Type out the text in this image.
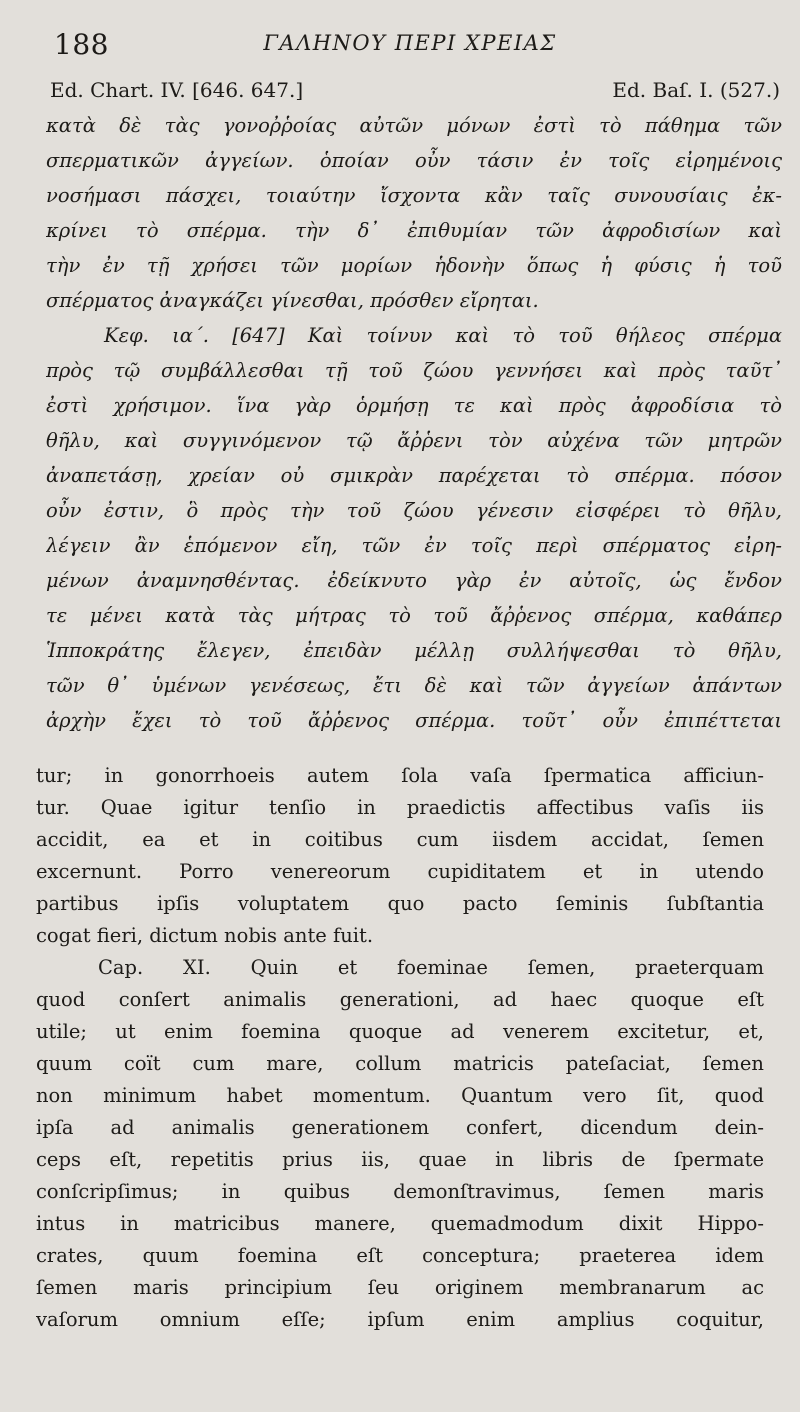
188	ΓΑΛΗΝΟΥ ΠΕΡΙ ΧΡΕΙΑΣ
Ed. Chart. IV. [646. 647.]	Ed. Baſ. I. (527.)
κατὰ δὲ τὰς γονοῤῥοίας αὐτῶν μόνων ἐστὶ τὸ πάθημα τῶν
σπερματικῶν ἀγγείων. ὁποίαν οὖν τάσιν ἐν τοῖς εἰρημένοις
νοσήμασι πάσχει, τοιαύτην ἴσχοντα κἂν ταῖς συνουσίαις ἐκ-
κρίνει τὸ σπέρμα. τὴν δ᾽ ἐπιθυμίαν τῶν ἀφροδισίων καὶ
τὴν ἐν τῇ χρήσει τῶν μορίων ἡδονὴν ὅπως ἡ φύσις ἡ τοῦ
σπέρματος ἀναγκάζει γίνεσθαι, πρόσθεν εἴρηται.
Κεφ. ια΄. [647] Καὶ τοίνυν καὶ τὸ τοῦ θήλεος σπέρμα
πρὸς τῷ συμβάλλεσθαι τῇ τοῦ ζώου γεννήσει καὶ πρὸς ταῦτ᾽
ἐστὶ χρήσιμον. ἵνα γὰρ ὁρμήσῃ τε καὶ πρὸς ἀφροδίσια τὸ
θῆλυ, καὶ συγγινόμενον τῷ ἄῤῥενι τὸν αὐχένα τῶν μητρῶν
ἀναπετάσῃ, χρείαν οὐ σμικρὰν παρέχεται τὸ σπέρμα. πόσον
οὖν ἐστιν, ὃ πρὸς τὴν τοῦ ζώου γένεσιν εἰσφέρει τὸ θῆλυ,
λέγειν ἂν ἑπόμενον εἴη, τῶν ἐν τοῖς περὶ σπέρματος εἰρη-
μένων ἀναμνησθέντας. ἐδείκνυτο γὰρ ἐν αὐτοῖς, ὡς ἔνδον
τε μένει κατὰ τὰς μήτρας τὸ τοῦ ἄῤῥενος σπέρμα, καθάπερ
Ἱπποκράτης ἔλεγεν, ἐπειδὰν μέλλῃ συλλήψεσθαι τὸ θῆλυ,
τῶν θ᾽ ὑμένων γενέσεως, ἔτι δὲ καὶ τῶν ἀγγείων ἁπάντων
ἀρχὴν ἔχει τὸ τοῦ ἄῤῥενος σπέρμα. τοῦτ᾽ οὖν ἐπιπέττεται
tur; in gonorrhoeis autem ſola vaſa ſpermatica afficiun-
tur. Quae igitur tenſio in praedictis affectibus vaſis iis
accidit, ea et in coitibus cum iisdem accidat, ſemen
excernunt. Porro venereorum cupiditatem et in utendo
partibus ipſis voluptatem quo pacto ſeminis ſubſtantia
cogat fieri, dictum nobis ante fuit.
Cap. XI. Quin et foeminae ſemen, praeterquam
quod conſert animalis generationi, ad haec quoque eſt
utile; ut enim foemina quoque ad venerem excitetur, et,
quum coït cum mare, collum matricis pateſaciat, ſemen
non minimum habet momentum. Quantum vero ſit, quod
ipſa ad animalis generationem confert, dicendum dein-
ceps eſt, repetitis prius iis, quae in libris de ſpermate
conſcripſimus; in quibus demonſtravimus, ſemen maris
intus in matricibus manere, quemadmodum dixit Hippo-
crates, quum foemina eſt conceptura; praeterea idem
ſemen maris principium ſeu originem membranarum ac
vaſorum omnium eſſe; ipſum enim amplius coquitur,
